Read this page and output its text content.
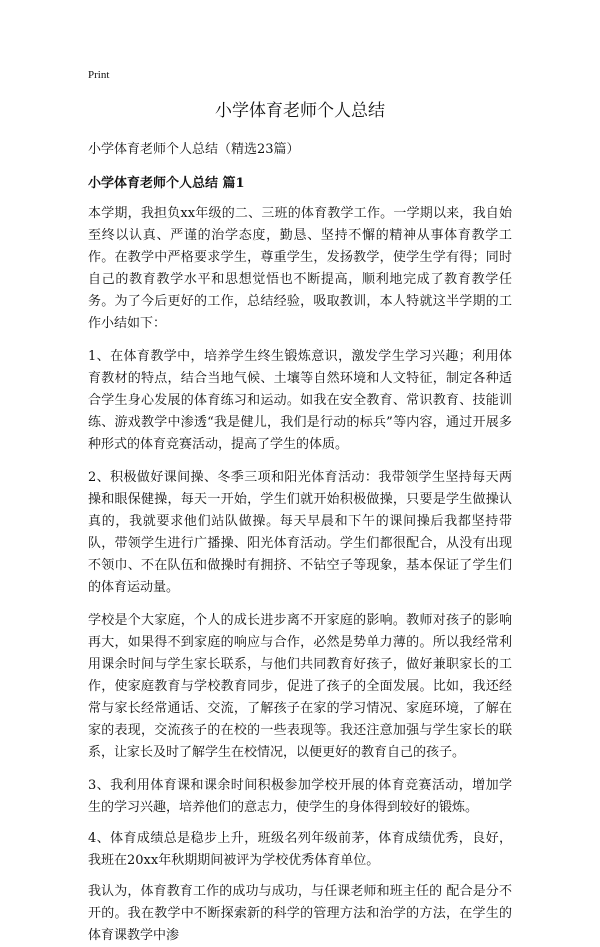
Print
小学体育老师个人总结

小学体育老师个人总结（精选23篇）

小学体育老师个人总结 篇1

本学期，我担负xx年级的二、三班的体育教学工作。一学期以来，我自始至终以认真、严谨的治学态度，勤恳、坚持不懈的精神从事体育教学工作。在教学中严格要求学生，尊重学生，发扬教学，使学生学有得；同时自己的教育教学水平和思想觉悟也不断提高，顺利地完成了教育教学任务。为了今后更好的工作，总结经验，吸取教训，本人特就这半学期的工作小结如下：

1、在体育教学中，培养学生终生锻炼意识，激发学生学习兴趣；利用体育教材的特点，结合当地气候、土壤等自然环境和人文特征，制定各种适合学生身心发展的体育练习和运动。如我在安全教育、常识教育、技能训练、游戏教学中渗透“我是健儿，我们是行动的标兵”等内容，通过开展多种形式的体育竞赛活动，提高了学生的体质。

2、积极做好课间操、冬季三项和阳光体育活动：我带领学生坚持每天两操和眼保健操，每天一开始，学生们就开始积极做操，只要是学生做操认真的，我就要求他们站队做操。每天早晨和下午的课间操后我都坚持带队，带领学生进行广播操、阳光体育活动。学生们都很配合，从没有出现不领巾、不在队伍和做操时有拥挤、不钻空子等现象，基本保证了学生们的体育运动量。

学校是个大家庭，个人的成长进步离不开家庭的影响。教师对孩子的影响再大，如果得不到家庭的响应与合作，必然是势单力薄的。所以我经常利用课余时间与学生家长联系，与他们共同教育好孩子，做好兼职家长的工作，使家庭教育与学校教育同步，促进了孩子的全面发展。比如，我还经常与家长经常通话、交流，了解孩子在家的学习情况、家庭环境，了解在家的表现，交流孩子的在校的一些表现等。我还注意加强与学生家长的联系，让家长及时了解学生在校情况，以便更好的教育自己的孩子。

3、我利用体育课和课余时间积极参加学校开展的体育竞赛活动，增加学生的学习兴趣，培养他们的意志力，使学生的身体得到较好的锻炼。

4、体育成绩总是稳步上升，班级名列年级前茅，体育成绩优秀，良好，我班在20xx年秋期期间被评为学校优秀体育单位。

我认为，体育教育工作的成功与成功，与任课老师和班主任的 配合是分不开的。我在教学中不断探索新的科学的管理方法和治学的方法，在学生的体育课教学中渗
